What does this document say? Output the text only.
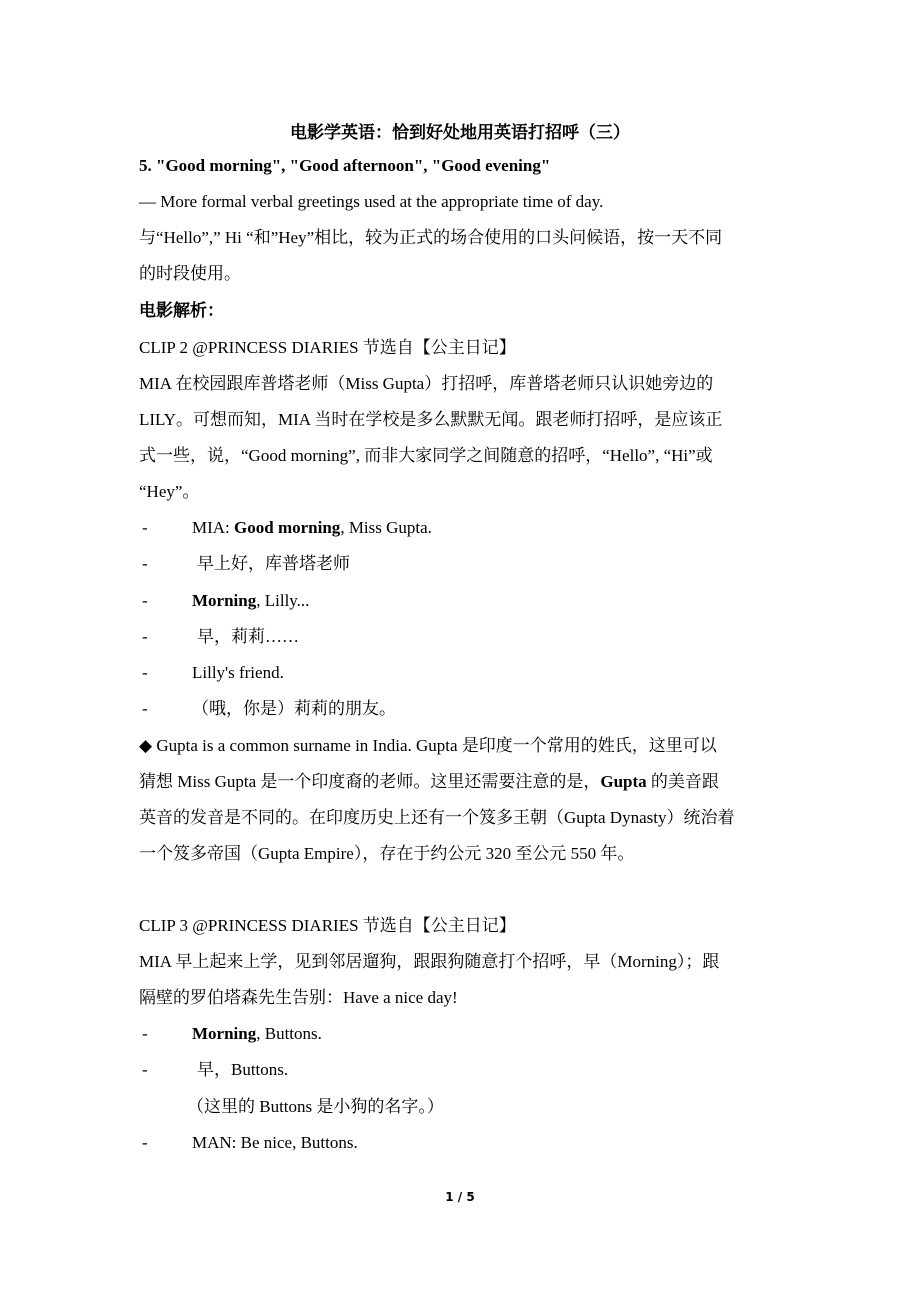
电影学英语：恰到好处地用英语打招呼（三）
5. "Good morning", "Good afternoon", "Good evening"
— More formal verbal greetings used at the appropriate time of day.
与“Hello”,” Hi “和”Hey”相比，较为正式的场合使用的口头问候语，按一天不同
的时段使用。
电影解析：
CLIP 2 @PRINCESS DIARIES 节选自【公主日记】
MIA 在校园跟库普塔老师（Miss Gupta）打招呼，库普塔老师只认识她旁边的
LILY。可想而知，MIA 当时在学校是多么默默无闻。跟老师打招呼，是应该正
式一些，说，“Good morning”, 而非大家同学之间随意的招呼，“Hello”, “Hi”或
“Hey”。
-	MIA: Good morning, Miss Gupta.
-	早上好，库普塔老师
-	Morning, Lilly...
-	早，莉莉……
-	Lilly's friend.
-	（哦，你是）莉莉的朋友。
◆ Gupta is a common surname in India. Gupta 是印度一个常用的姓氏，这里可以
猜想 Miss Gupta 是一个印度裔的老师。这里还需要注意的是，Gupta 的美音跟
英音的发音是不同的。在印度历史上还有一个笈多王朝（Gupta Dynasty）统治着
一个笈多帝国（Gupta Empire），存在于约公元 320 至公元 550 年。
CLIP 3 @PRINCESS DIARIES 节选自【公主日记】
MIA 早上起来上学，见到邻居遛狗，跟跟狗随意打个招呼，早（Morning）；跟
隔壁的罗伯塔森先生告别：Have a nice day!
-	Morning, Buttons.
-	早，Buttons.
（这里的 Buttons 是小狗的名字。）
-	MAN: Be nice, Buttons.
1 / 5
